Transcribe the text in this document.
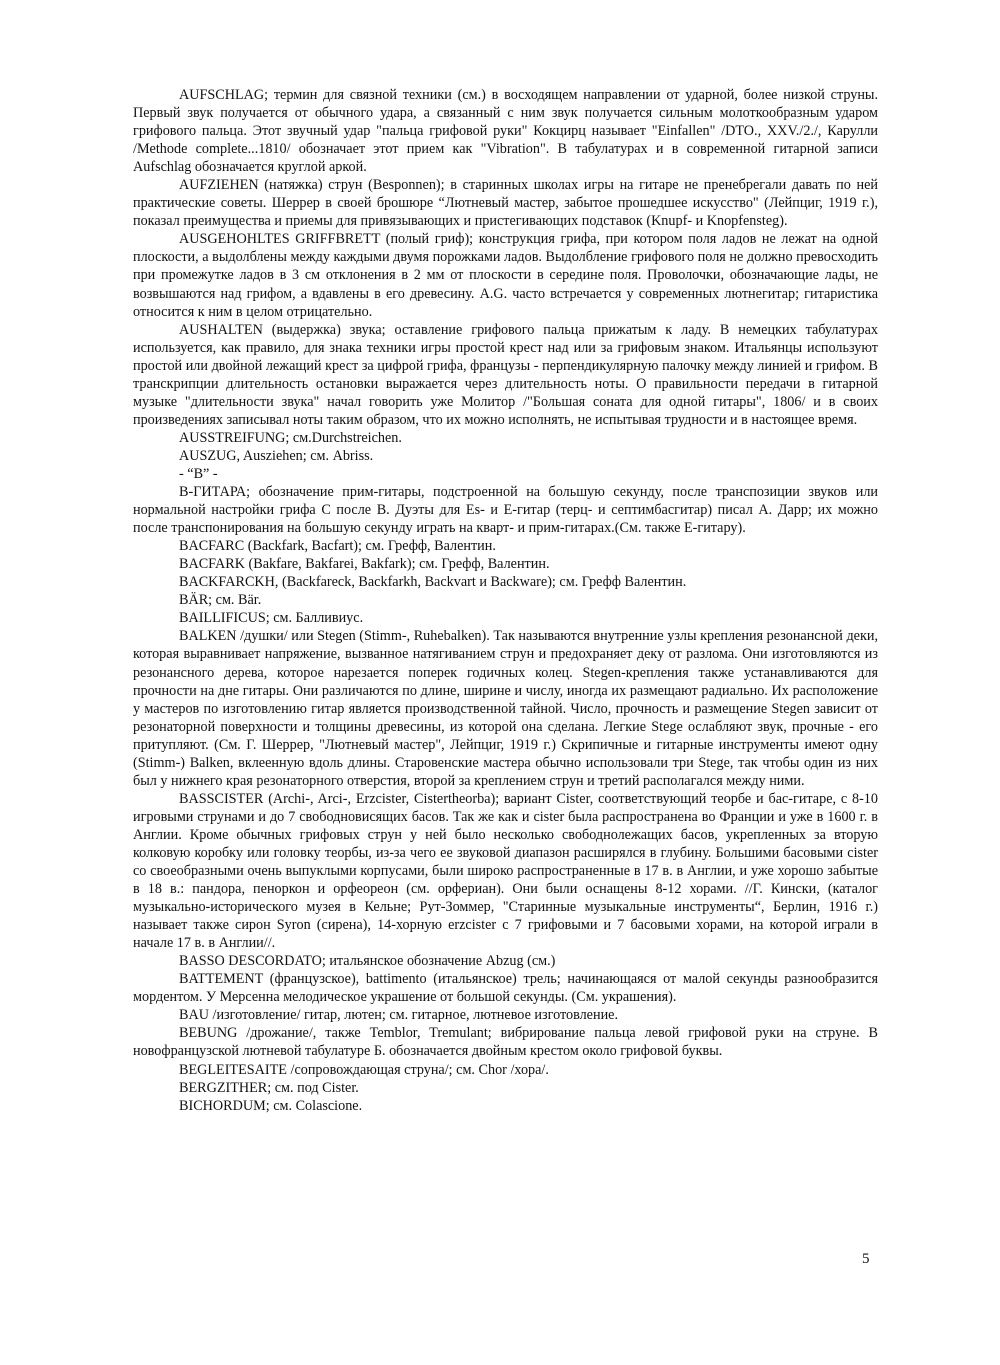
AUFSCHLAG; термин для связной техники (см.) в восходящем направлении от ударной, более низкой струны. Первый звук получается от обычного удара, а связанный с ним звук получается сильным молоткообразным ударом грифового пальца. Этот звучный удар "пальца грифовой руки" Кокцирц называет "Einfallen" /DTO., XXV./2./, Карулли /Methode complete...1810/ обозначает этот прием как "Vibration". В табулатурах и в современной гитарной записи Aufschlag обозначается круглой аркой.

AUFZIEHEN (натяжка) струн (Besponnen); в старинных школах игры на гитаре не пренебрегали давать по ней практические советы. Шеррер в своей брошюре “Лютневый мастер, забытое прошедшее искусство" (Лейпциг, 1919 г.), показал преимущества и приемы для привязывающих и пристегивающих подставок (Knupf- и Knopfensteg).

AUSGEHOHLTES GRIFFBRETT (полый гриф); конструкция грифа, при котором поля ладов не лежат на одной плоскости, а выдолблены между каждыми двумя порожками ладов. Выдолбление грифового поля не должно превосходить при промежутке ладов в 3 см отклонения в 2 мм от плоскости в середине поля. Проволочки, обозначающие лады, не возвышаются над грифом, а вдавлены в его древесину. A.G. часто встречается у современных лютнегитар; гитаристика относится к ним в целом отрицательно.

AUSHALTEN (выдержка) звука; оставление грифового пальца прижатым к ладу. В немецких табулатурах используется, как правило, для знака техники игры простой крест над или за грифовым знаком. Итальянцы используют простой или двойной лежащий крест за цифрой грифа, французы - перпендикулярную палочку между линией и грифом. В транскрипции длительность остановки выражается через длительность ноты. О правильности передачи в гитарной музыке "длительности звука" начал говорить уже Молитор /"Большая соната для одной гитары", 1806/ и в своих произведениях записывал ноты таким образом, что их можно исполнять, не испытывая трудности и в настоящее время.

AUSSTREIFUNG; см.Durchstreichen.

AUSZUG, Ausziehen; см. Abriss.

- “B” -

В-ГИТАРА; обозначение прим-гитары, подстроенной на большую секунду, после транспозиции звуков или нормальной настройки грифа С после В. Дуэты для Es- и E-гитар (терц- и септимбасгитар) писал А. Дарр; их можно после транспонирования на большую секунду играть на кварт- и прим-гитарах.(См. также Е-гитару).

BACFARC (Backfark, Bacfart); см. Грефф, Валентин.

BACFARK (Bakfare, Bakfarei, Bakfark); см. Грефф, Валентин.

BACKFARCKH, (Backfareck, Backfarkh, Backvart и Backware); см. Грефф Валентин.

BÄR; см. Bär.

BAILLIFICUS; см. Балливиус.

BALKEN /душки/ или Stegen (Stimm-, Ruhebalken). Так называются внутренние узлы крепления резонансной деки, которая выравнивает напряжение, вызванное натягиванием струн и предохраняет деку от разлома. Они изготовляются из резонансного дерева, которое нарезается поперек годичных колец. Stegen-крепления также устанавливаются для прочности на дне гитары. Они различаются по длине, ширине и числу, иногда их размещают радиально. Их расположение у мастеров по изготовлению гитар является производственной тайной. Число, прочность и размещение Stegen зависит от резонаторной поверхности и толщины древесины, из которой она сделана. Легкие Stege ослабляют звук, прочные - его притупляют. (См. Г. Шеррер, "Лютневый мастер", Лейпциг, 1919 г.) Скрипичные и гитарные инструменты имеют одну (Stimm-) Balken, вклеенную вдоль длины. Старовенские мастера обычно использовали три Stege, так чтобы один из них был у нижнего края резонаторного отверстия, второй за креплением струн и третий располагался между ними.

BASSCISTER (Archi-, Arci-, Erzcister, Cistertheorba); вариант Cister, соответствующий теорбе и бас-гитаре, с 8-10 игровыми струнами и до 7 свободновисящих басов. Так же как и cister была распространена во Франции и уже в 1600 г. в Англии. Кроме обычных грифовых струн у ней было несколько свободнолежащих басов, укрепленных за вторую колковую коробку или головку теорбы, из-за чего ее звуковой диапазон расширялся в глубину. Большими басовыми cister со своеобразными очень выпуклыми корпусами, были широко распространенные в 17 в. в Англии, и уже хорошо забытые в 18 в.: пандора, пеноркон и орфеореон (см. орфериан). Они были оснащены 8-12 хорами. //Г. Кински, (каталог музыкально-исторического музея в Кельне; Рут-Зоммер, "Старинные музыкальные инструменты“, Берлин, 1916 г.) называет также сирон Syron (сирена), 14-хорную erzcister с 7 грифовыми и 7 басовыми хорами, на которой играли в начале 17 в. в Англии//.

BASSO DESCORDATO; итальянское обозначение Abzug (см.)

BATTEMENT (французское), battimento (итальянское) трель; начинающаяся от малой секунды разнообразится мордентом. У Мерсенна мелодическое украшение от большой секунды. (См. украшения).

BAU /изготовление/ гитар, лютен; см. гитарное, лютневое изготовление.

BEBUNG /дрожание/, также Temblor, Tremulant; вибрирование пальца левой грифовой руки на струне. В новофранцузской лютневой табулатуре Б. обозначается двойным крестом около грифовой буквы.

BEGLEITESAITE /сопровождающая струна/; см. Chor /хора/.

BERGZITHER; см. под Cister.

BICHORDUM; см. Colascione.

5
